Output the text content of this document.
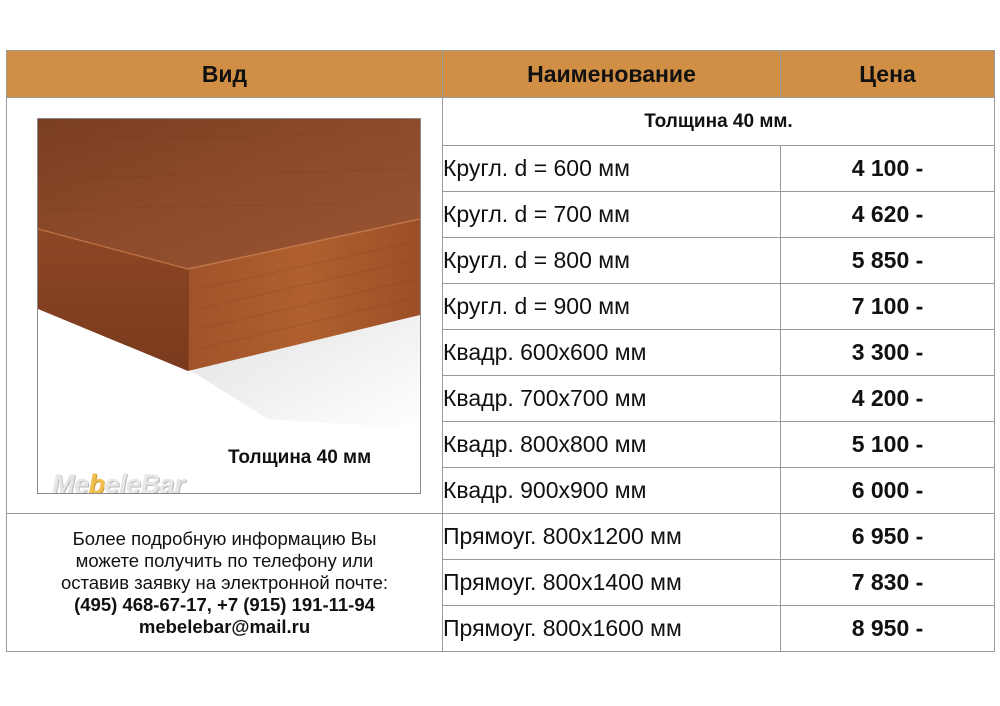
Вид	Наименование	Цена

Толщина 40 мм
MebeleBar	Толщина 40 мм.	
	Кругл. d = 600 мм	4 100 -
	Кругл. d = 700 мм	4 620 -
	Кругл. d = 800 мм	5 850 -
	Кругл. d = 900 мм	7 100 -
	Квадр. 600х600 мм	3 300 -
	Квадр. 700х700 мм	4 200 -
	Квадр. 800х800 мм	5 100 -
	Квадр. 900х900 мм	6 000 -

Более подробную информацию Вы
можете получить по телефону или
оставив заявку на электронной почте:
(495) 468-67-17, +7 (915) 191-11-94
mebelebar@mail.ru	Прямоуг. 800х1200 мм	6 950 -
	Прямоуг. 800х1400 мм	7 830 -
	Прямоуг. 800х1600 мм	8 950 -
